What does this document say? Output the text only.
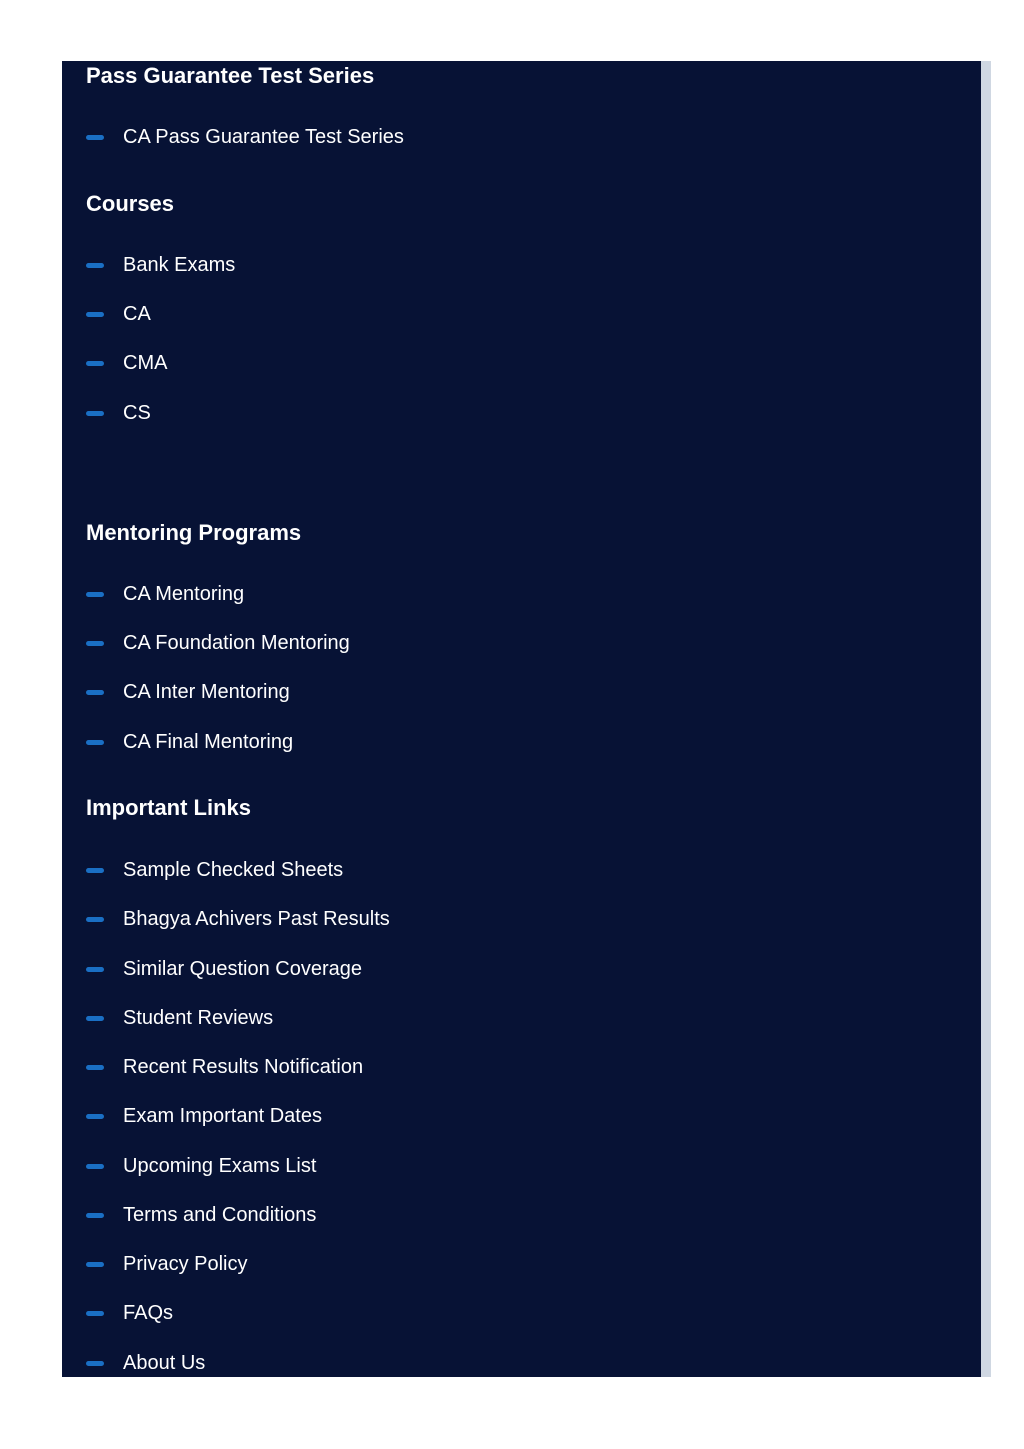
Pass Guarantee Test Series
CA Pass Guarantee Test Series
Courses
Bank Exams
CA
CMA
CS
Mentoring Programs
CA Mentoring
CA Foundation Mentoring
CA Inter Mentoring
CA Final Mentoring
Important Links
Sample Checked Sheets
Bhagya Achivers Past Results
Similar Question Coverage
Student Reviews
Recent Results Notification
Exam Important Dates
Upcoming Exams List
Terms and Conditions
Privacy Policy
FAQs
About Us
